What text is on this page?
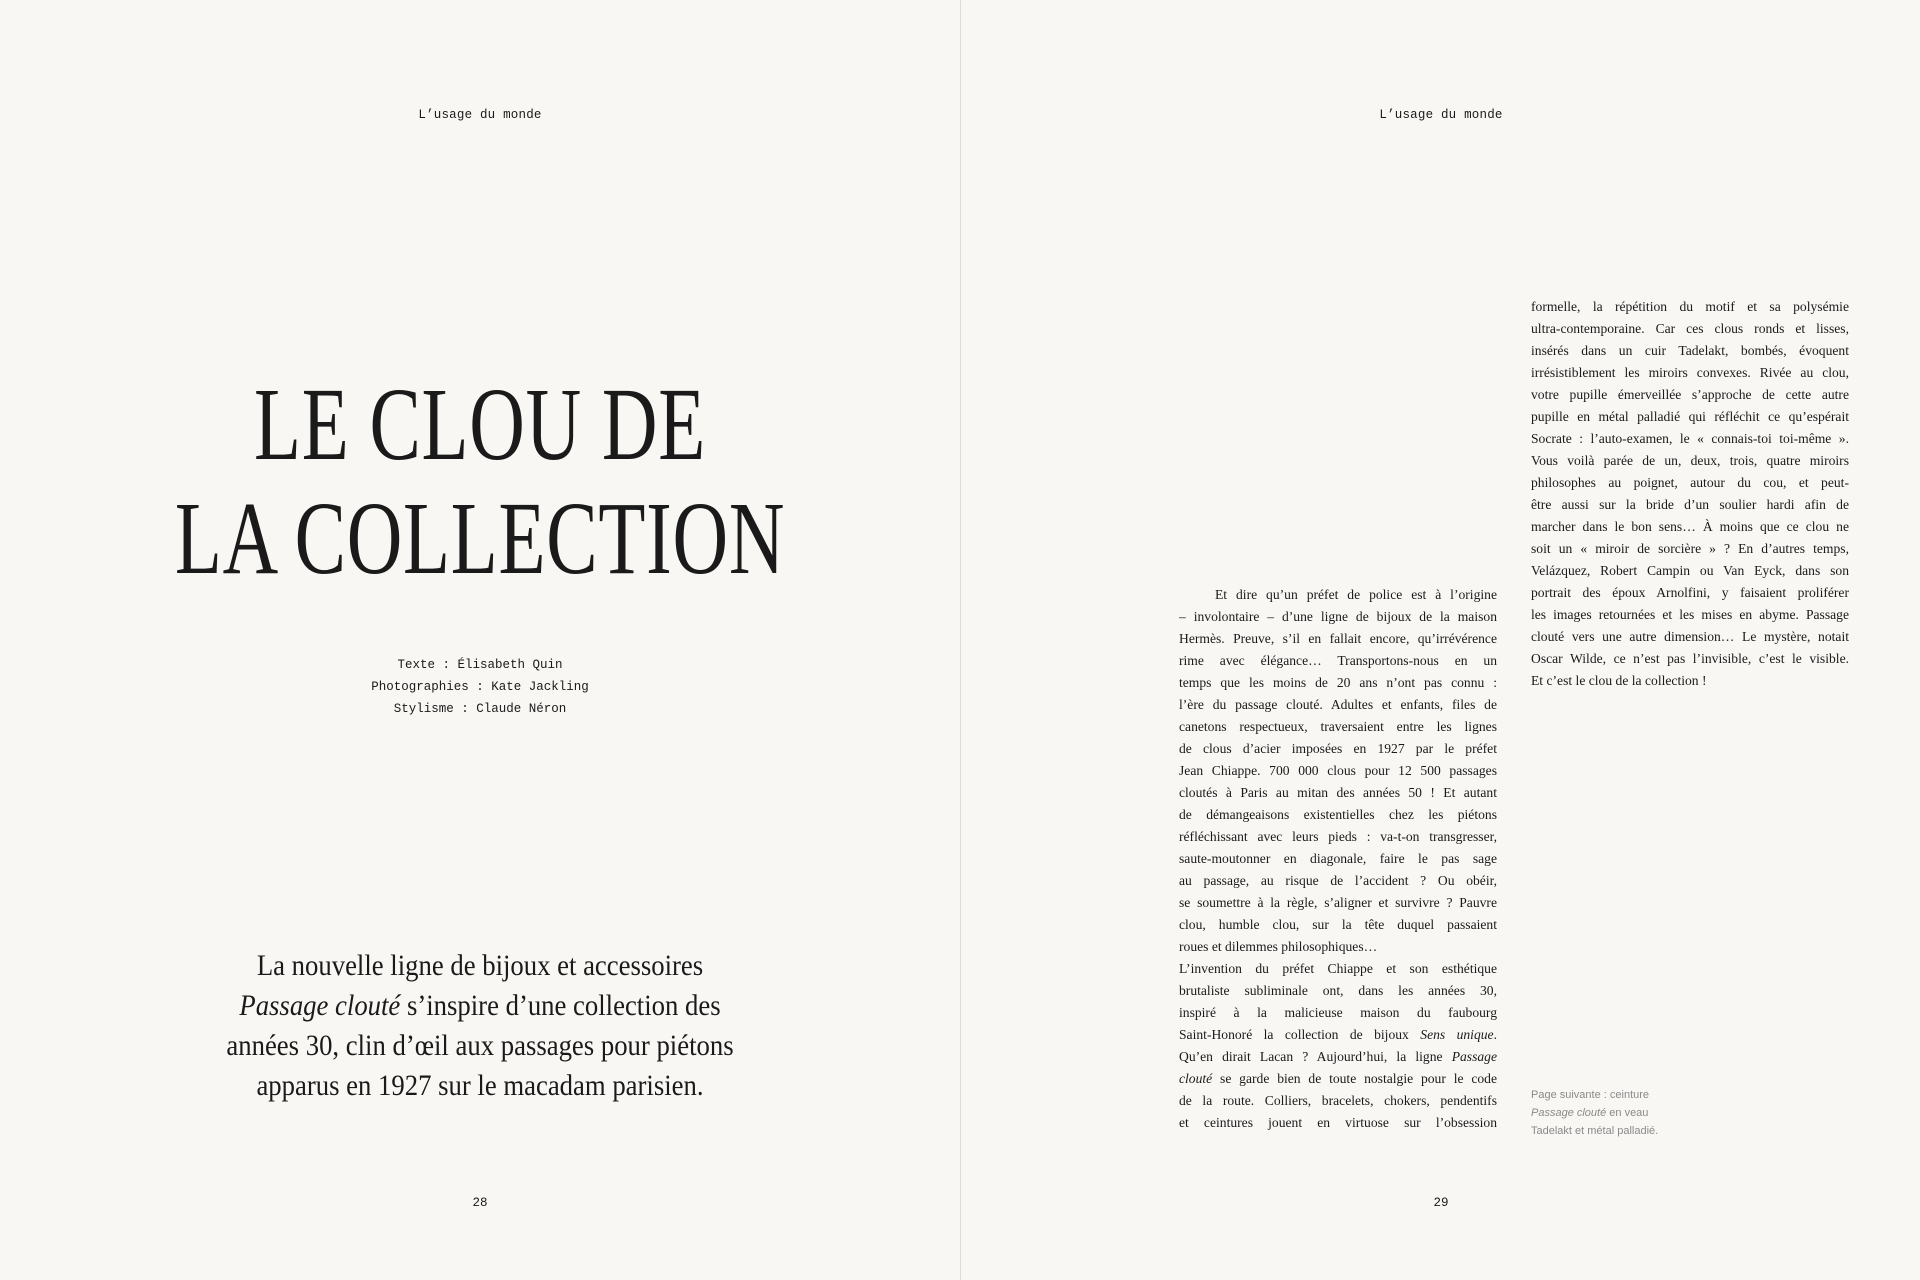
L’usage du monde
LE CLOU DE
LA COLLECTION
Texte : Élisabeth Quin
Photographies : Kate Jackling
Stylisme : Claude Néron
La nouvelle ligne de bijoux et accessoires
Passage clouté s’inspire d’une collection des
années 30, clin d’œil aux passages pour piétons
apparus en 1927 sur le macadam parisien.
28
L’usage du monde
Et dire qu’un préfet de police est à l’origine
– involontaire – d’une ligne de bijoux de la maison
Hermès. Preuve, s’il en fallait encore, qu’irrévérence
rime avec élégance… Transportons-nous en un
temps que les moins de 20 ans n’ont pas connu :
l’ère du passage clouté. Adultes et enfants, files de
canetons respectueux, traversaient entre les lignes
de clous d’acier imposées en 1927 par le préfet
Jean Chiappe. 700 000 clous pour 12 500 passages
cloutés à Paris au mitan des années 50 ! Et autant
de démangeaisons existentielles chez les piétons
réfléchissant avec leurs pieds : va-t-on transgresser,
saute-moutonner en diagonale, faire le pas sage
au passage, au risque de l’accident ? Ou obéir,
se soumettre à la règle, s’aligner et survivre ? Pauvre
clou, humble clou, sur la tête duquel passaient
roues et dilemmes philosophiques…
L’invention du préfet Chiappe et son esthétique
brutaliste subliminale ont, dans les années 30,
inspiré à la malicieuse maison du faubourg
Saint-Honoré la collection de bijoux Sens unique.
Qu’en dirait Lacan ? Aujourd’hui, la ligne Passage
clouté se garde bien de toute nostalgie pour le code
de la route. Colliers, bracelets, chokers, pendentifs
et ceintures jouent en virtuose sur l’obsession
formelle, la répétition du motif et sa polysémie
ultra-contemporaine. Car ces clous ronds et lisses,
insérés dans un cuir Tadelakt, bombés, évoquent
irrésistiblement les miroirs convexes. Rivée au clou,
votre pupille émerveillée s’approche de cette autre
pupille en métal palladié qui réfléchit ce qu’espérait
Socrate : l’auto-examen, le « connais-toi toi-même ».
Vous voilà parée de un, deux, trois, quatre miroirs
philosophes au poignet, autour du cou, et peut-
être aussi sur la bride d’un soulier hardi afin de
marcher dans le bon sens… À moins que ce clou ne
soit un « miroir de sorcière » ? En d’autres temps,
Velázquez, Robert Campin ou Van Eyck, dans son
portrait des époux Arnolfini, y faisaient proliférer
les images retournées et les mises en abyme. Passage
clouté vers une autre dimension… Le mystère, notait
Oscar Wilde, ce n’est pas l’invisible, c’est le visible.
Et c’est le clou de la collection !
Page suivante : ceinture
Passage clouté en veau
Tadelakt et métal palladié.
29
